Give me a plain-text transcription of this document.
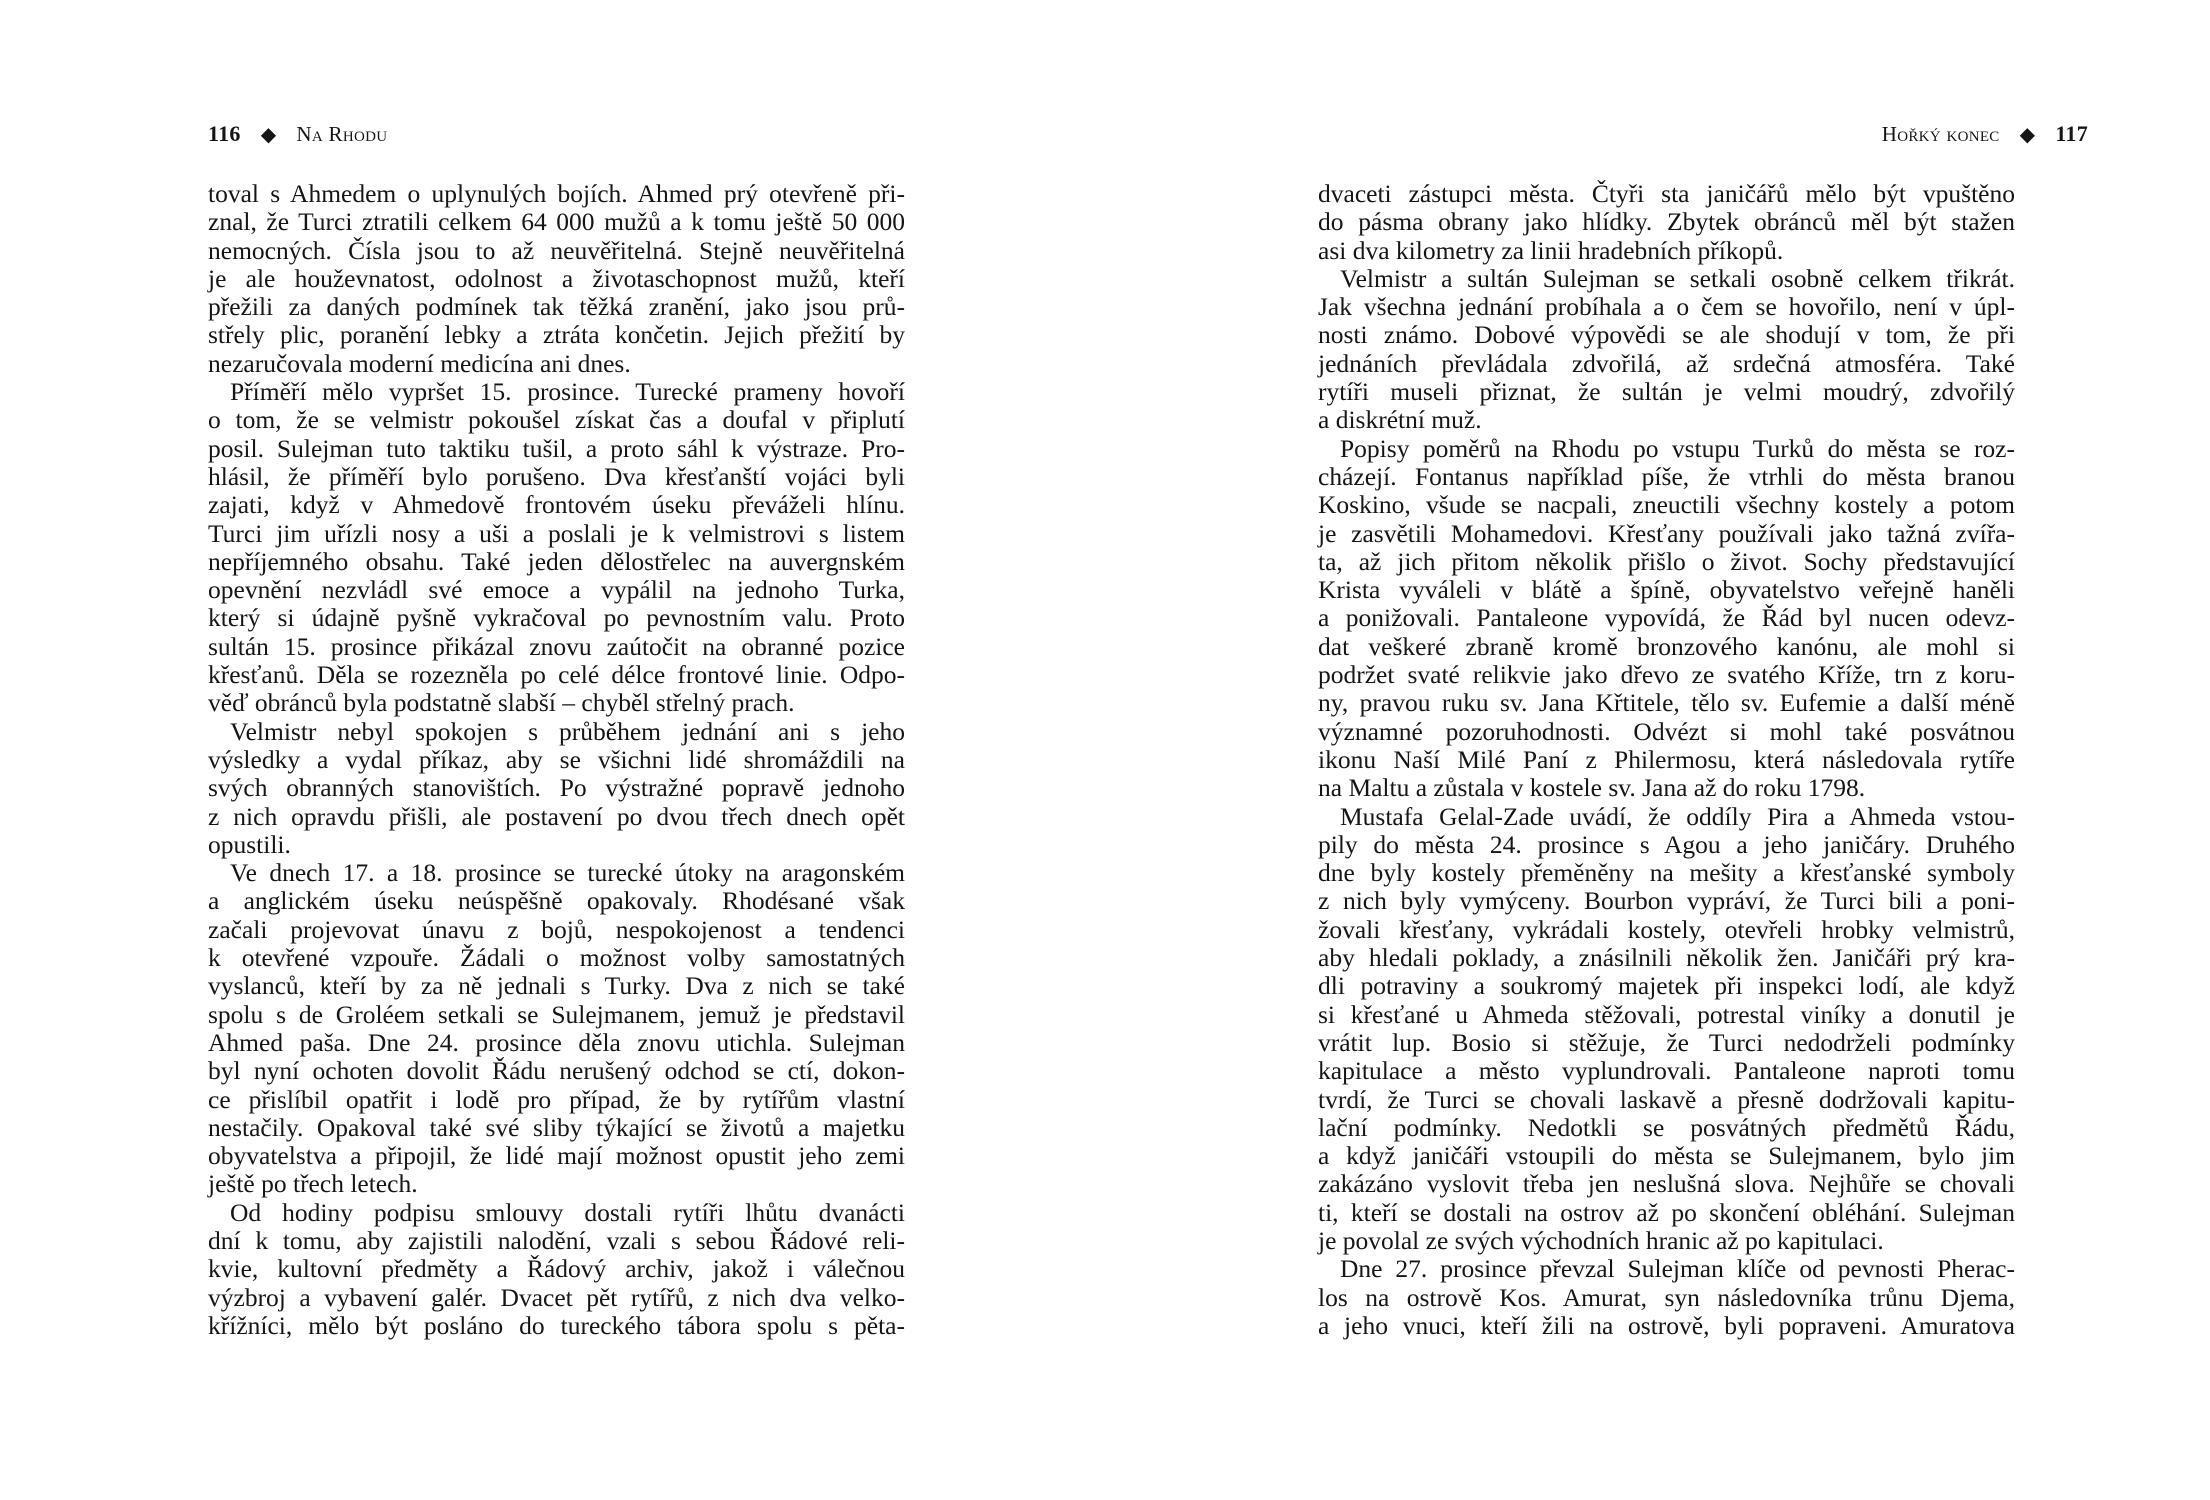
116 ◆ Na Rhodu
toval s Ahmedem o uplynulých bojích. Ahmed prý otevřeně při-
znal, že Turci ztratili celkem 64 000 mužů a k tomu ještě 50 000
nemocných. Čísla jsou to až neuvěřitelná. Stejně neuvěřitelná
je ale houževnatost, odolnost a životaschopnost mužů, kteří
přežili za daných podmínek tak těžká zranění, jako jsou prů-
střely plic, poranění lebky a ztráta končetin. Jejich přežití by
nezaručovala moderní medicína ani dnes.
Příměří mělo vypršet 15. prosince. Turecké prameny hovoří
o tom, že se velmistr pokoušel získat čas a doufal v připlutí
posil. Sulejman tuto taktiku tušil, a proto sáhl k výstraze. Pro-
hlásil, že příměří bylo porušeno. Dva křesťanští vojáci byli
zajati, když v Ahmedově frontovém úseku převáželi hlínu.
Turci jim uřízli nosy a uši a poslali je k velmistrovi s listem
nepříjemného obsahu. Také jeden dělostřelec na auvergnském
opevnění nezvládl své emoce a vypálil na jednoho Turka,
který si údajně pyšně vykračoval po pevnostním valu. Proto
sultán 15. prosince přikázal znovu zaútočit na obranné pozice
křesťanů. Děla se rozezněla po celé délce frontové linie. Odpo-
věď obránců byla podstatně slabší – chyběl střelný prach.
Velmistr nebyl spokojen s průběhem jednání ani s jeho
výsledky a vydal příkaz, aby se všichni lidé shromáždili na
svých obranných stanovištích. Po výstražné popravě jednoho
z nich opravdu přišli, ale postavení po dvou třech dnech opět
opustili.
Ve dnech 17. a 18. prosince se turecké útoky na aragonském
a anglickém úseku neúspěšně opakovaly. Rhodésané však
začali projevovat únavu z bojů, nespokojenost a tendenci
k otevřené vzpouře. Žádali o možnost volby samostatných
vyslanců, kteří by za ně jednali s Turky. Dva z nich se také
spolu s de Groléem setkali se Sulejmanem, jemuž je představil
Ahmed paša. Dne 24. prosince děla znovu utichla. Sulejman
byl nyní ochoten dovolit Řádu nerušený odchod se ctí, dokon-
ce přislíbil opatřit i lodě pro případ, že by rytířům vlastní
nestačily. Opakoval také své sliby týkající se životů a majetku
obyvatelstva a připojil, že lidé mají možnost opustit jeho zemi
ještě po třech letech.
Od hodiny podpisu smlouvy dostali rytíři lhůtu dvanácti
dní k tomu, aby zajistili nalodění, vzali s sebou Řádové reli-
kvie, kultovní předměty a Řádový archiv, jakož i válečnou
výzbroj a vybavení galér. Dvacet pět rytířů, z nich dva velko-
křížníci, mělo být posláno do tureckého tábora spolu s pěta-
Hořký konec ◆ 117
dvaceti zástupci města. Čtyři sta janičářů mělo být vpuštěno
do pásma obrany jako hlídky. Zbytek obránců měl být stažen
asi dva kilometry za linii hradebních příkopů.
Velmistr a sultán Sulejman se setkali osobně celkem třikrát.
Jak všechna jednání probíhala a o čem se hovořilo, není v úpl-
nosti známo. Dobové výpovědi se ale shodují v tom, že při
jednáních převládala zdvořilá, až srdečná atmosféra. Také
rytíři museli přiznat, že sultán je velmi moudrý, zdvořilý
a diskrétní muž.
Popisy poměrů na Rhodu po vstupu Turků do města se roz-
cházejí. Fontanus například píše, že vtrhli do města branou
Koskino, všude se nacpali, zneuctili všechny kostely a potom
je zasvětili Mohamedovi. Křesťany používali jako tažná zvířa-
ta, až jich přitom několik přišlo o život. Sochy představující
Krista vyváleli v blátě a špíně, obyvatelstvo veřejně haněli
a ponižovali. Pantaleone vypovídá, že Řád byl nucen odevz-
dat veškeré zbraně kromě bronzového kanónu, ale mohl si
podržet svaté relikvie jako dřevo ze svatého Kříže, trn z koru-
ny, pravou ruku sv. Jana Křtitele, tělo sv. Eufemie a další méně
významné pozoruhodnosti. Odvézt si mohl také posvátnou
ikonu Naší Milé Paní z Philermosu, která následovala rytíře
na Maltu a zůstala v kostele sv. Jana až do roku 1798.
Mustafa Gelal-Zade uvádí, že oddíly Pira a Ahmeda vstou-
pily do města 24. prosince s Agou a jeho janičáry. Druhého
dne byly kostely přeměněny na mešity a křesťanské symboly
z nich byly vymýceny. Bourbon vypráví, že Turci bili a poni-
žovali křesťany, vykrádali kostely, otevřeli hrobky velmistrů,
aby hledali poklady, a znásilnili několik žen. Janičáři prý kra-
dli potraviny a soukromý majetek při inspekci lodí, ale když
si křesťané u Ahmeda stěžovali, potrestal viníky a donutil je
vrátit lup. Bosio si stěžuje, že Turci nedodrželi podmínky
kapitulace a město vyplundrovali. Pantaleone naproti tomu
tvrdí, že Turci se chovali laskavě a přesně dodržovali kapitu-
lační podmínky. Nedotkli se posvátných předmětů Řádu,
a když janičáři vstoupili do města se Sulejmanem, bylo jim
zakázáno vyslovit třeba jen neslušná slova. Nejhůře se chovali
ti, kteří se dostali na ostrov až po skončení obléhání. Sulejman
je povolal ze svých východních hranic až po kapitulaci.
Dne 27. prosince převzal Sulejman klíče od pevnosti Pherac-
los na ostrově Kos. Amurat, syn následovníka trůnu Djema,
a jeho vnuci, kteří žili na ostrově, byli popraveni. Amuratova
